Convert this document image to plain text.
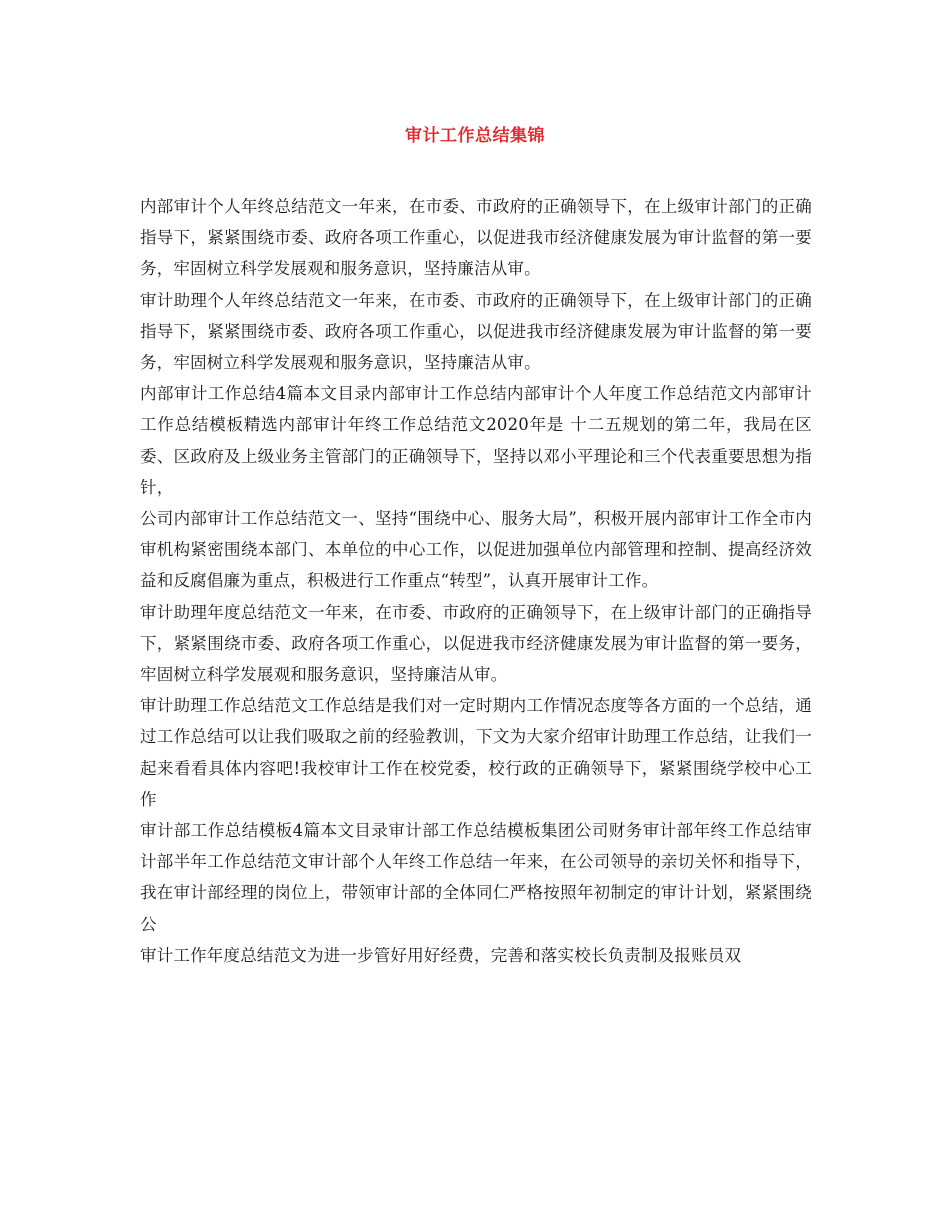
审计工作总结集锦

内部审计个人年终总结范文一年来，在市委、市政府的正确领导下，在上级审计部门的正确指导下，紧紧围绕市委、政府各项工作重心，以促进我市经济健康发展为审计监督的第一要务，牢固树立科学发展观和服务意识，坚持廉洁从审。

审计助理个人年终总结范文一年来，在市委、市政府的正确领导下，在上级审计部门的正确指导下，紧紧围绕市委、政府各项工作重心，以促进我市经济健康发展为审计监督的第一要务，牢固树立科学发展观和服务意识，坚持廉洁从审。

内部审计工作总结4篇本文目录内部审计工作总结内部审计个人年度工作总结范文内部审计工作总结模板精选内部审计年终工作总结范文2020年是 十二五规划的第二年，我局在区委、区政府及上级业务主管部门的正确领导下，坚持以邓小平理论和三个代表重要思想为指针，

公司内部审计工作总结范文一、坚持“围绕中心、服务大局”，积极开展内部审计工作全市内审机构紧密围绕本部门、本单位的中心工作，以促进加强单位内部管理和控制、提高经济效益和反腐倡廉为重点，积极进行工作重点“转型”，认真开展审计工作。

审计助理年度总结范文一年来，在市委、市政府的正确领导下，在上级审计部门的正确指导下，紧紧围绕市委、政府各项工作重心，以促进我市经济健康发展为审计监督的第一要务，牢固树立科学发展观和服务意识，坚持廉洁从审。

审计助理工作总结范文工作总结是我们对一定时期内工作情况态度等各方面的一个总结，通过工作总结可以让我们吸取之前的经验教训，下文为大家介绍审计助理工作总结，让我们一起来看看具体内容吧!我校审计工作在校党委，校行政的正确领导下，紧紧围绕学校中心工作

审计部工作总结模板4篇本文目录审计部工作总结模板集团公司财务审计部年终工作总结审计部半年工作总结范文审计部个人年终工作总结一年来，在公司领导的亲切关怀和指导下，我在审计部经理的岗位上，带领审计部的全体同仁严格按照年初制定的审计计划，紧紧围绕公

审计工作年度总结范文为进一步管好用好经费，完善和落实校长负责制及报账员双
